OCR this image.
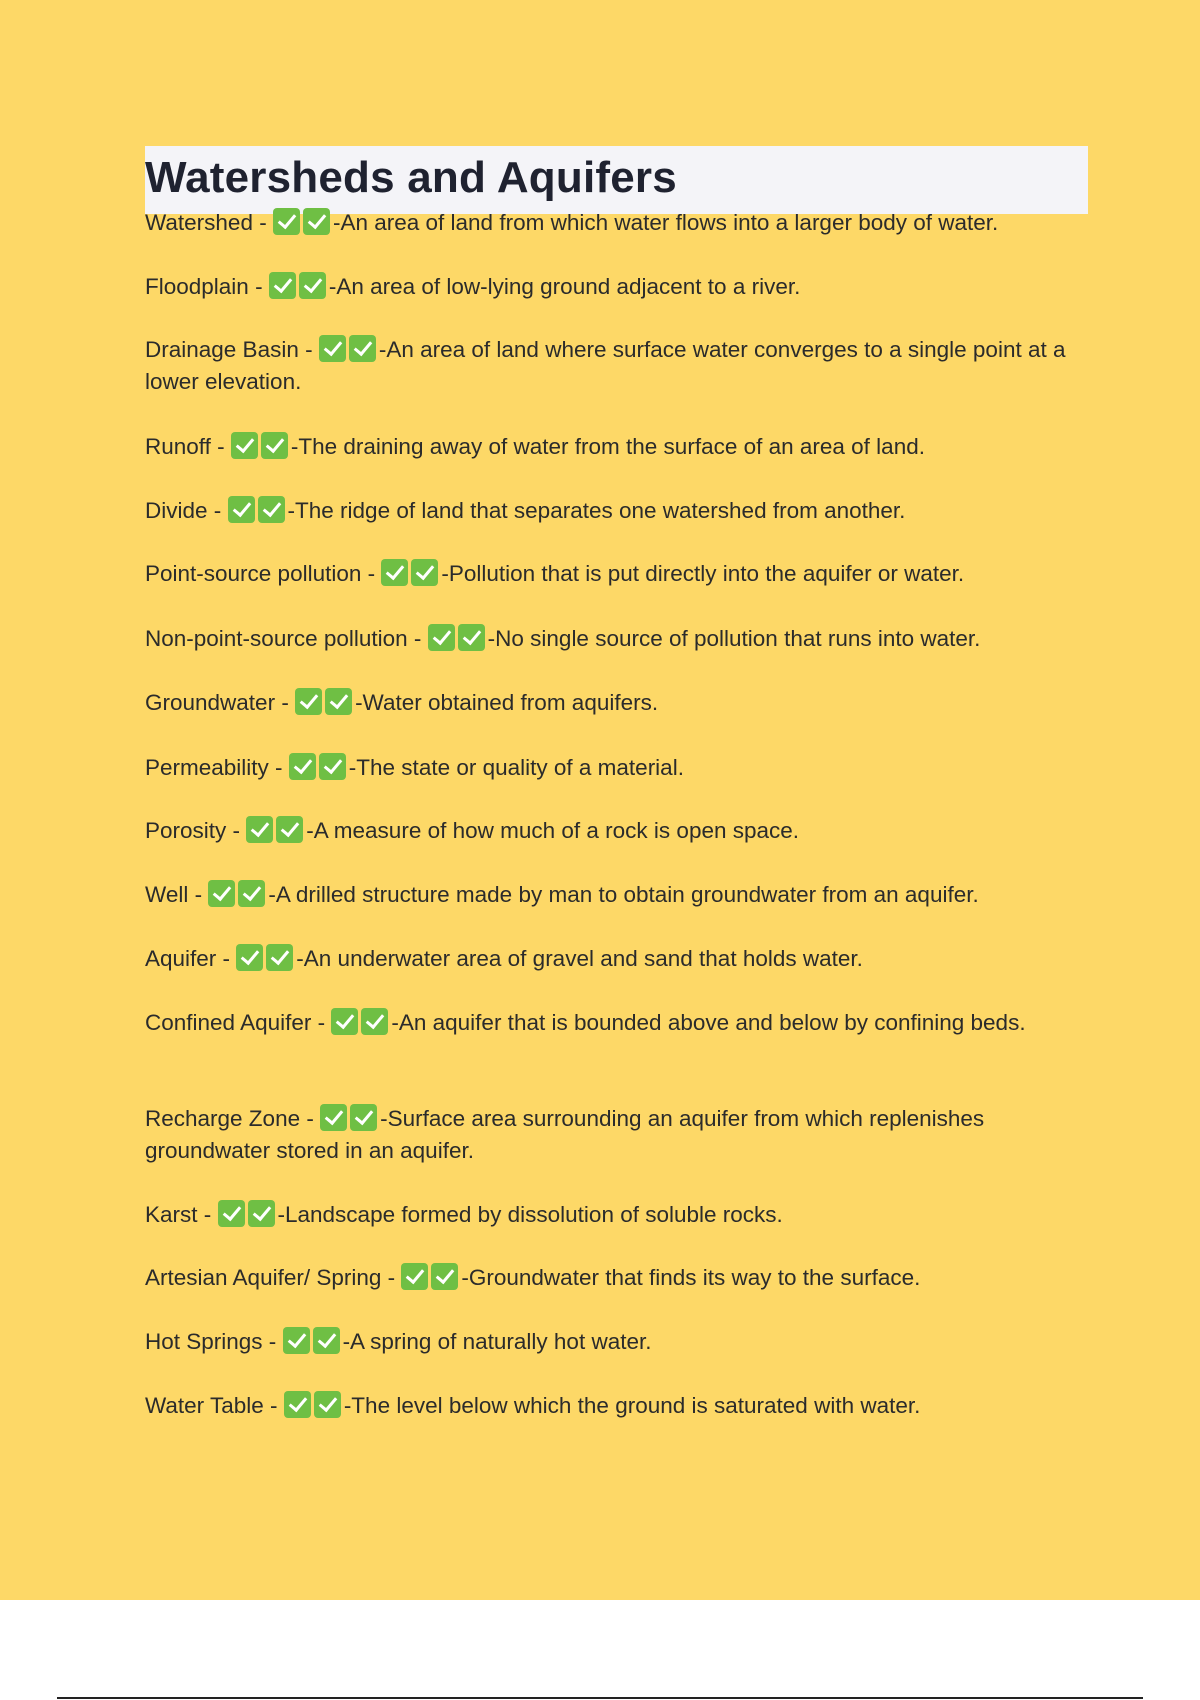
Watersheds and Aquifers
Watershed -	-An area of land from which water flows into a larger body of water.
Floodplain -	-An area of low-lying ground adjacent to a river.
Drainage Basin -	-An area of land where surface water converges to a single point at a lower elevation.
Runoff -	-The draining away of water from the surface of an area of land.
Divide -	-The ridge of land that separates one watershed from another.
Point-source pollution -	-Pollution that is put directly into the aquifer or water.
Non-point-source pollution -	-No single source of pollution that runs into water.
Groundwater -	-Water obtained from aquifers.
Permeability -	-The state or quality of a material.
Porosity -	-A measure of how much of a rock is open space.
Well -	-A drilled structure made by man to obtain groundwater from an aquifer.
Aquifer -	-An underwater area of gravel and sand that holds water.
Confined Aquifer -	-An aquifer that is bounded above and below by confining beds.
Recharge Zone -	-Surface area surrounding an aquifer from which replenishes groundwater stored in an aquifer.
Karst -	-Landscape formed by dissolution of soluble rocks.
Artesian Aquifer/ Spring -	-Groundwater that finds its way to the surface.
Hot Springs -	-A spring of naturally hot water.
Water Table -	-The level below which the ground is saturated with water.
